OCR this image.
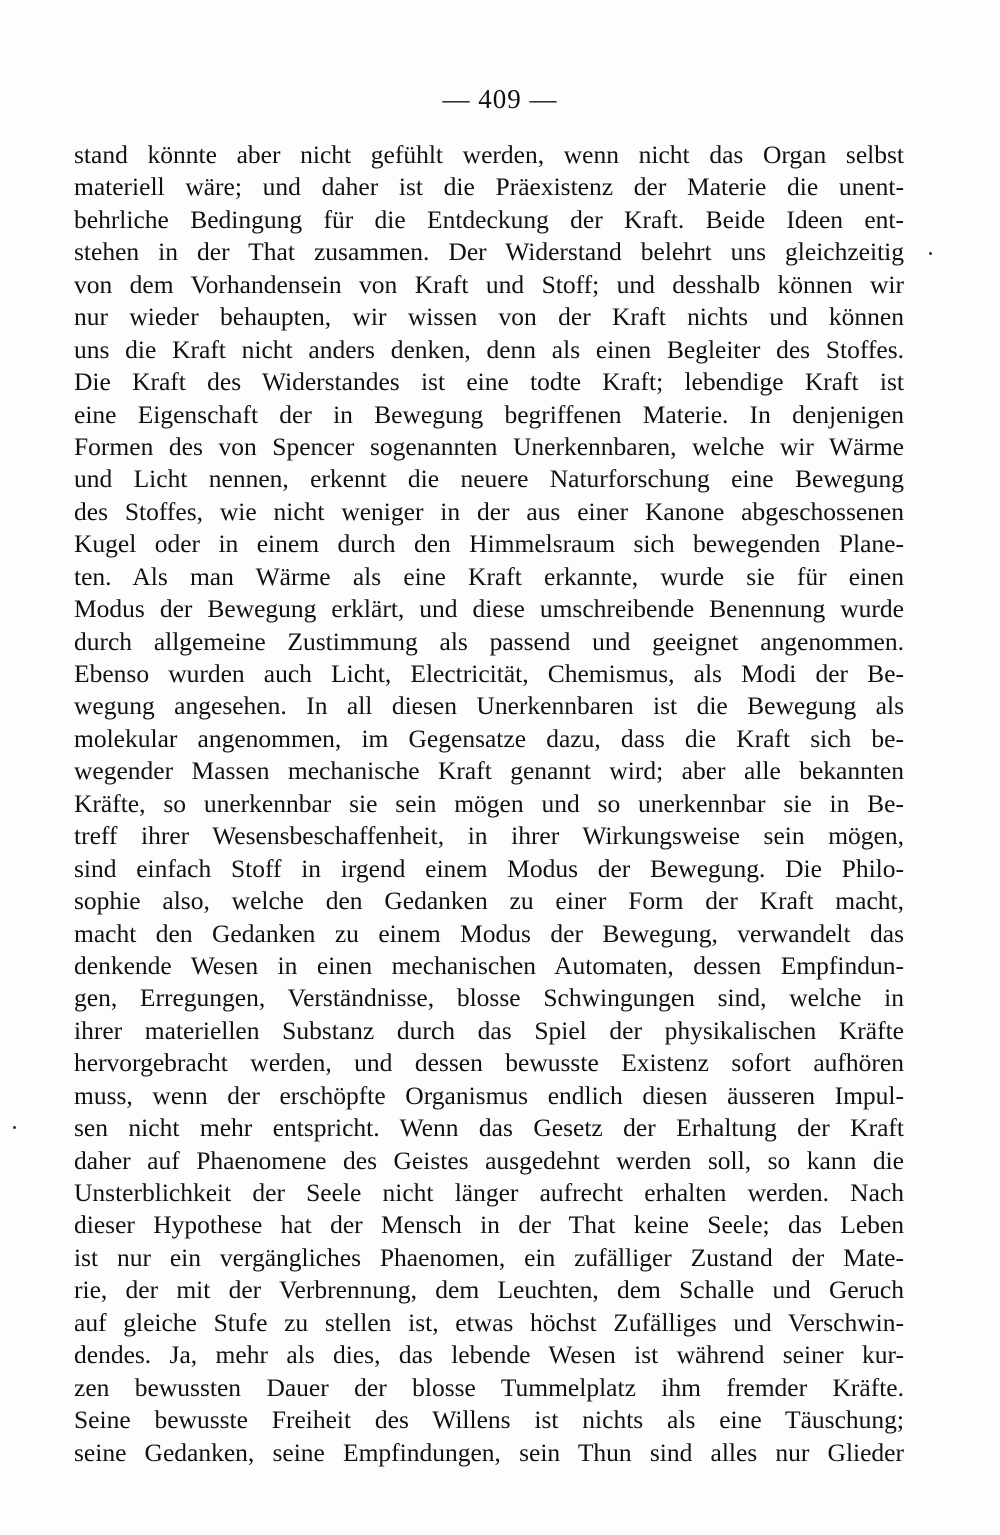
— 409 —
stand könnte aber nicht gefühlt werden, wenn nicht das Organ selbst
materiell wäre; und daher ist die Präexistenz der Materie die unent-
behrliche Bedingung für die Entdeckung der Kraft. Beide Ideen ent-
stehen in der That zusammen. Der Widerstand belehrt uns gleichzeitig
von dem Vorhandensein von Kraft und Stoff; und desshalb können wir
nur wieder behaupten, wir wissen von der Kraft nichts und können
uns die Kraft nicht anders denken, denn als einen Begleiter des Stoffes.
Die Kraft des Widerstandes ist eine todte Kraft; lebendige Kraft ist
eine Eigenschaft der in Bewegung begriffenen Materie. In denjenigen
Formen des von Spencer sogenannten Unerkennbaren, welche wir Wärme
und Licht nennen, erkennt die neuere Naturforschung eine Bewegung
des Stoffes, wie nicht weniger in der aus einer Kanone abgeschossenen
Kugel oder in einem durch den Himmelsraum sich bewegenden Plane-
ten. Als man Wärme als eine Kraft erkannte, wurde sie für einen
Modus der Bewegung erklärt, und diese umschreibende Benennung wurde
durch allgemeine Zustimmung als passend und geeignet angenommen.
Ebenso wurden auch Licht, Electricität, Chemismus, als Modi der Be-
wegung angesehen. In all diesen Unerkennbaren ist die Bewegung als
molekular angenommen, im Gegensatze dazu, dass die Kraft sich be-
wegender Massen mechanische Kraft genannt wird; aber alle bekannten
Kräfte, so unerkennbar sie sein mögen und so unerkennbar sie in Be-
treff ihrer Wesensbeschaffenheit, in ihrer Wirkungsweise sein mögen,
sind einfach Stoff in irgend einem Modus der Bewegung. Die Philo-
sophie also, welche den Gedanken zu einer Form der Kraft macht,
macht den Gedanken zu einem Modus der Bewegung, verwandelt das
denkende Wesen in einen mechanischen Automaten, dessen Empfindun-
gen, Erregungen, Verständnisse, blosse Schwingungen sind, welche in
ihrer materiellen Substanz durch das Spiel der physikalischen Kräfte
hervorgebracht werden, und dessen bewusste Existenz sofort aufhören
muss, wenn der erschöpfte Organismus endlich diesen äusseren Impul-
sen nicht mehr entspricht. Wenn das Gesetz der Erhaltung der Kraft
daher auf Phaenomene des Geistes ausgedehnt werden soll, so kann die
Unsterblichkeit der Seele nicht länger aufrecht erhalten werden. Nach
dieser Hypothese hat der Mensch in der That keine Seele; das Leben
ist nur ein vergängliches Phaenomen, ein zufälliger Zustand der Mate-
rie, der mit der Verbrennung, dem Leuchten, dem Schalle und Geruch
auf gleiche Stufe zu stellen ist, etwas höchst Zufälliges und Verschwin-
dendes. Ja, mehr als dies, das lebende Wesen ist während seiner kur-
zen bewussten Dauer der blosse Tummelplatz ihm fremder Kräfte.
Seine bewusste Freiheit des Willens ist nichts als eine Täuschung;
seine Gedanken, seine Empfindungen, sein Thun sind alles nur Glieder
